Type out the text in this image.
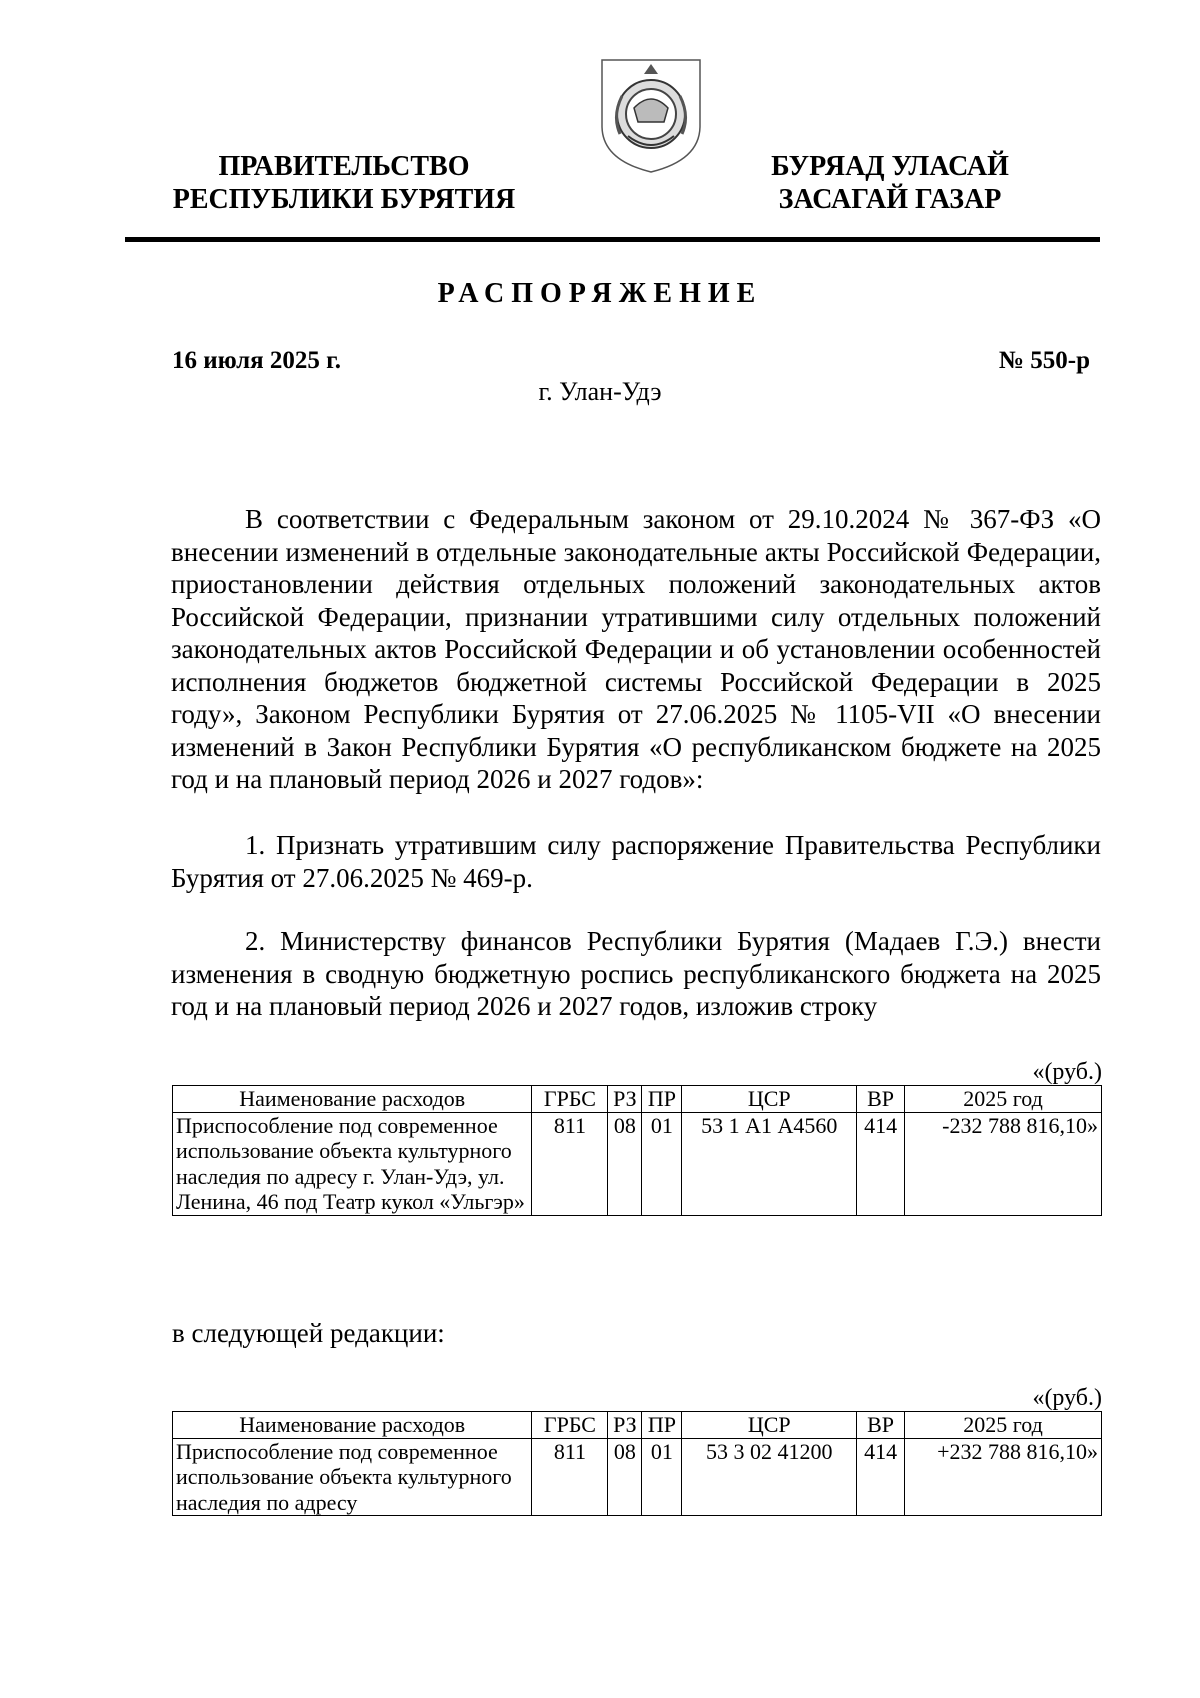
ПРАВИТЕЛЬСТВО
РЕСПУБЛИКИ БУРЯТИЯ
БУРЯАД УЛАСАЙ
ЗАСАГАЙ ГАЗАР
РАСПОРЯЖЕНИЕ
16 июля 2025 г.	№ 550-р
г. Улан-Удэ
В соответствии с Федеральным законом от 29.10.2024 № 367-ФЗ «О внесении изменений в отдельные законодательные акты Российской Федерации, приостановлении действия отдельных положений законодательных актов Российской Федерации, признании утратившими силу отдельных положений законодательных актов Российской Федерации и об установлении особенностей исполнения бюджетов бюджетной системы Российской Федерации в 2025 году», Законом Республики Бурятия от 27.06.2025 № 1105-VII «О внесении изменений в Закон Республики Бурятия «О республиканском бюджете на 2025 год и на плановый период 2026 и 2027 годов»:
1. Признать утратившим силу распоряжение Правительства Республики Бурятия от 27.06.2025 № 469-р.
2. Министерству финансов Республики Бурятия (Мадаев Г.Э.) внести изменения в сводную бюджетную роспись республиканского бюджета на 2025 год и на плановый период 2026 и 2027 годов, изложив строку
«(руб.)
Наименование расходов	ГРБС	РЗ	ПР	ЦСР	ВР	2025 год
Приспособление под современное использование объекта культурного наследия по адресу г. Улан-Удэ, ул. Ленина, 46 под Театр кукол «Ульгэр»	811	08	01	53 1 А1 А4560	414	-232 788 816,10»
в следующей редакции:
«(руб.)
Наименование расходов	ГРБС	РЗ	ПР	ЦСР	ВР	2025 год
Приспособление под современное использование объекта культурного наследия по адресу	811	08	01	53 3 02 41200	414	+232 788 816,10»
